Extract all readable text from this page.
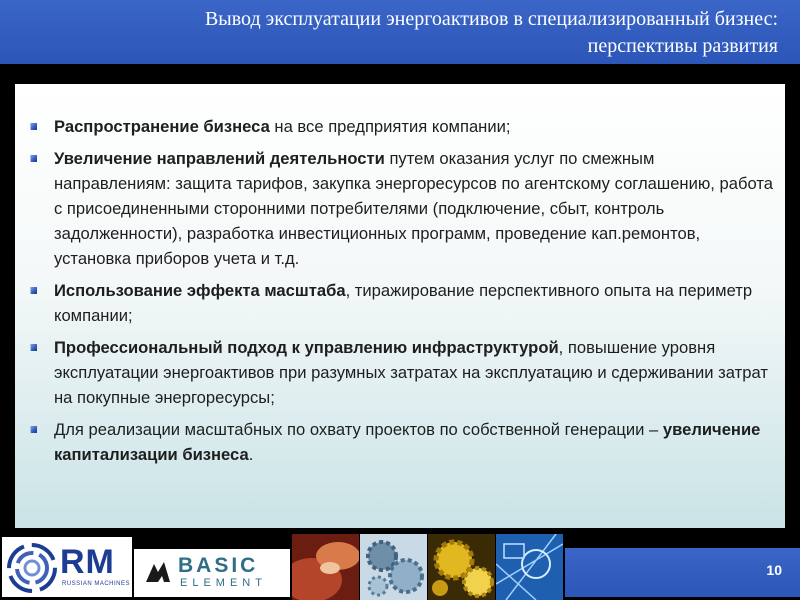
Вывод эксплуатации энергоактивов в специализированный бизнес:
перспективы развития
Распространение бизнеса на все предприятия компании;
Увеличение направлений деятельности путем оказания услуг по смежным направлениям: защита тарифов, закупка энергоресурсов по агентскому соглашению, работа с присоединенными сторонними потребителями (подключение, сбыт, контроль задолженности), разработка инвестиционных программ, проведение кап.ремонтов, установка приборов учета и т.д.
Использование эффекта масштаба, тиражирование перспективного опыта на периметр компании;
Профессиональный подход к управлению инфраструктурой, повышение уровня эксплуатации энергоактивов при разумных затратах на эксплуатацию и сдерживании затрат на покупные энергоресурсы;
Для реализации масштабных по охвату проектов по собственной генерации – увеличение капитализации бизнеса.
RM
RUSSIAN MACHINES
BASIC
ELEMENT
10
